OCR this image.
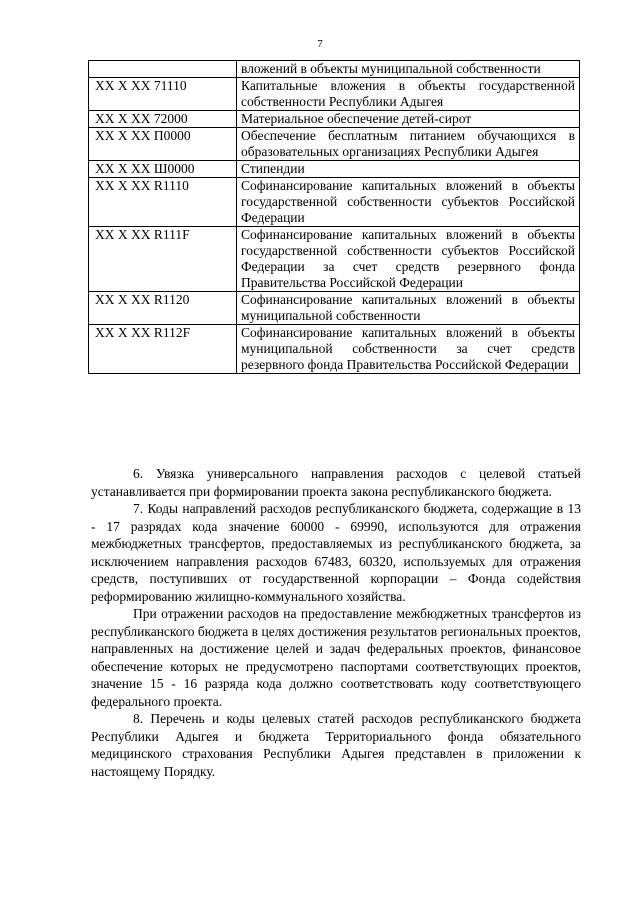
7
	вложений в объекты муниципальной собственности
XX X XX 71110	Капитальные вложения в объекты государственной собственности Республики Адыгея
XX X XX 72000	Материальное обеспечение детей-сирот
XX X XX П0000	Обеспечение бесплатным питанием обучающихся в образовательных организациях Республики Адыгея
XX X XX Ш0000	Стипендии
XX X XX R1110	Софинансирование капитальных вложений в объекты государственной собственности субъектов Российской Федерации
XX X XX R111F	Софинансирование капитальных вложений в объекты государственной собственности субъектов Российской Федерации за счет средств резервного фонда Правительства Российской Федерации
XX X XX R1120	Софинансирование капитальных вложений в объекты муниципальной собственности
XX X XX R112F	Софинансирование капитальных вложений в объекты муниципальной собственности за счет средств резервного фонда Правительства Российской Федерации

6. Увязка универсального направления расходов с целевой статьей устанавливается при формировании проекта закона республиканского бюджета.

7. Коды направлений расходов республиканского бюджета, содержащие в 13 - 17 разрядах кода значение 60000 - 69990, используются для отражения межбюджетных трансфертов, предоставляемых из республиканского бюджета, за исключением направления расходов 67483, 60320, используемых для отражения средств, поступивших от государственной корпорации – Фонда содействия реформированию жилищно-коммунального хозяйства.

При отражении расходов на предоставление межбюджетных трансфертов из республиканского бюджета в целях достижения результатов региональных проектов, направленных на достижение целей и задач федеральных проектов, финансовое обеспечение которых не предусмотрено паспортами соответствующих проектов, значение 15 - 16 разряда кода должно соответствовать коду соответствующего федерального проекта.

8. Перечень и коды целевых статей расходов республиканского бюджета Республики Адыгея и бюджета Территориального фонда обязательного медицинского страхования Республики Адыгея представлен в приложении к настоящему Порядку.
